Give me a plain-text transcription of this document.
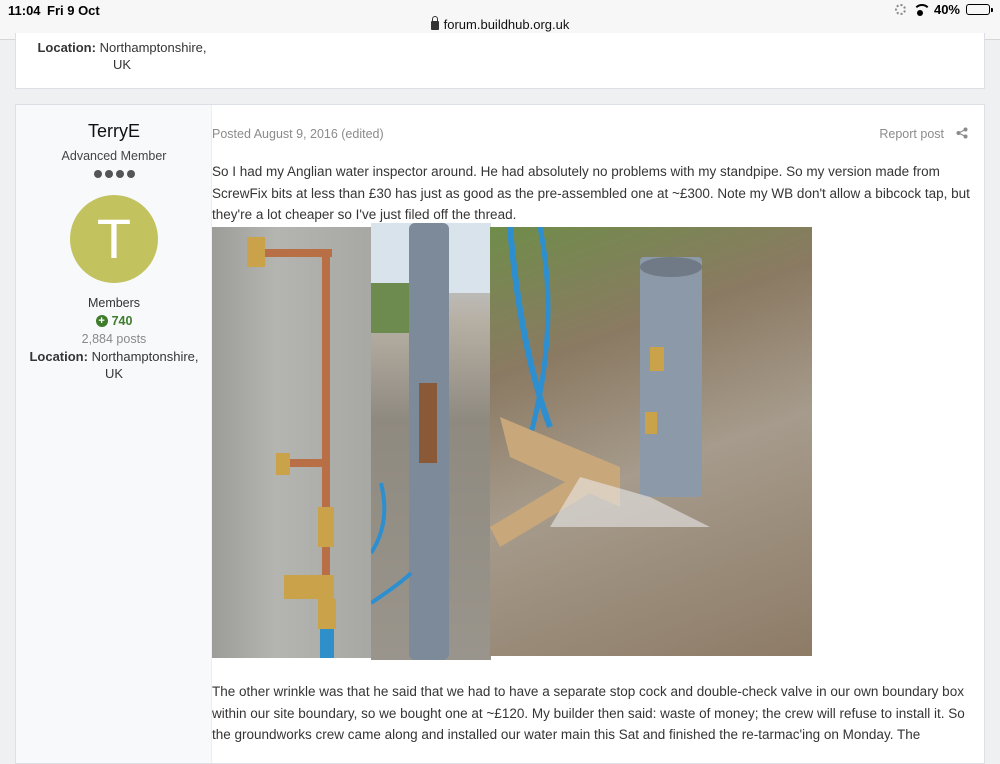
11:04 Fri 9 Oct	40%
forum.buildhub.org.uk
Location: Northamptonshire,
UK
TerryE
Advanced Member
T
Members
+ 740
2,884 posts
Location: Northamptonshire,
UK
Posted August 9, 2016 (edited)	Report post
So I had my Anglian water inspector around. He had absolutely no problems with my standpipe. So my version made from ScrewFix bits at less than £30 has just as good as the pre-assembled one at ~£300. Note my WB don't allow a bibcock tap, but they're a lot cheaper so I've just filed off the thread.
The other wrinkle was that he said that we had to have a separate stop cock and double-check valve in our own boundary box within our site boundary, so we bought one at ~£120. My builder then said: waste of money; the crew will refuse to install it. So the groundworks crew came along and installed our water main this Sat and finished the re-tarmac'ing on Monday. The
